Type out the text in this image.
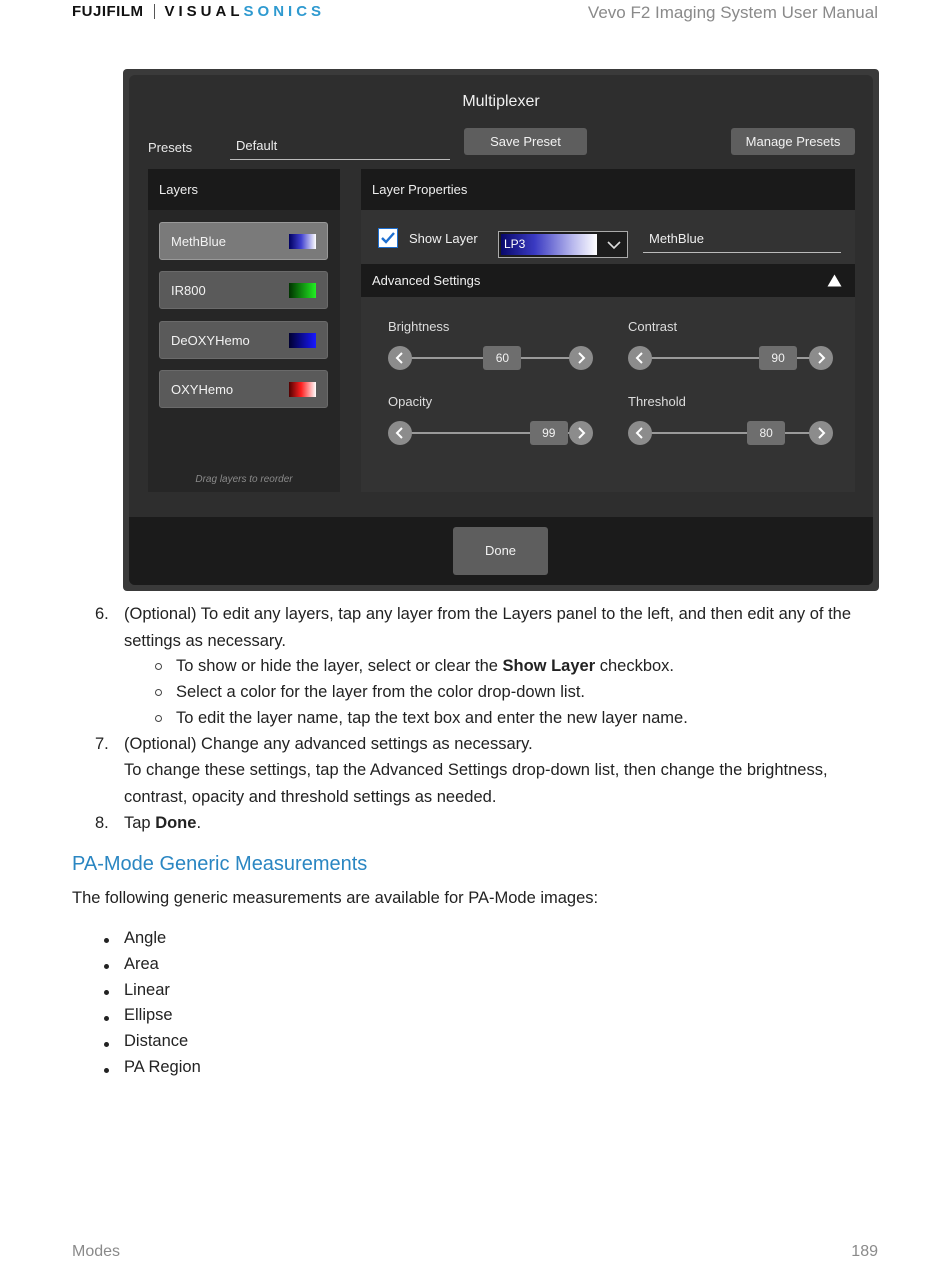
FUJIFILM VISUALSONICS	Vevo F2 Imaging System User Manual
Multiplexer
Presets	Default	Save Preset	Manage Presets
Layers
MethBlue
IR800
DeOXYHemo
OXYHemo
Drag layers to reorder
Layer Properties
Show Layer LP3	MethBlue
Advanced Settings
Brightness
60
Contrast
90
Opacity
99
Threshold
80
Done
6. (Optional) To edit any layers, tap any layer from the Layers panel to the left, and then edit any of the
settings as necessary.
To show or hide the layer, select or clear the Show Layer checkbox.
Select a color for the layer from the color drop-down list.
To edit the layer name, tap the text box and enter the new layer name.
7. (Optional) Change any advanced settings as necessary.
To change these settings, tap the Advanced Settings drop-down list, then change the brightness,
contrast, opacity and threshold settings as needed.
8. Tap Done.
PA-Mode Generic Measurements
The following generic measurements are available for PA-Mode images:
Angle
Area
Linear
Ellipse
Distance
PA Region
Modes	189
